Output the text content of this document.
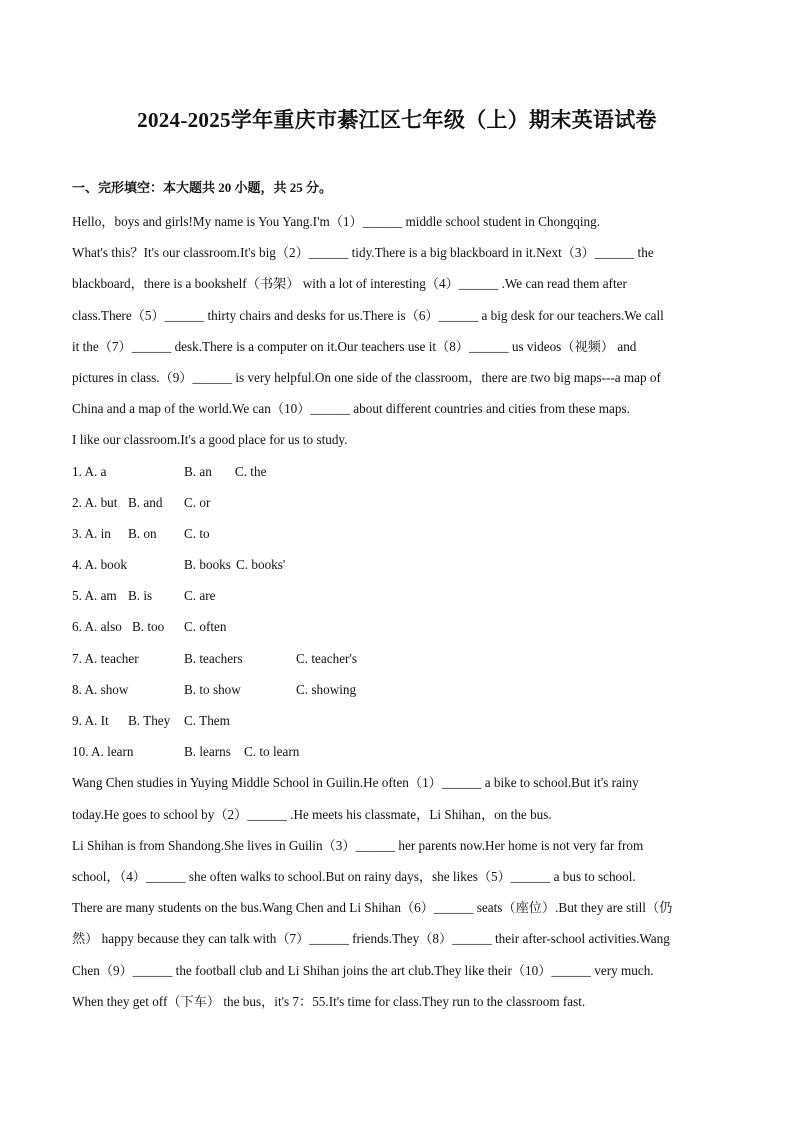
2024-2025学年重庆市綦江区七年级（上）期末英语试卷
一、完形填空：本大题共 20 小题，共 25 分。
Hello，boys and girls!My name is You Yang.I'm（1）______ middle school student in Chongqing.
What's this？It's our classroom.It's big（2）______ tidy.There is a big blackboard in it.Next（3）______ the
blackboard，there is a bookshelf（书架） with a lot of interesting（4）______ .We can read them after
class.There（5）______ thirty chairs and desks for us.There is（6）______ a big desk for our teachers.We call
it the（7）______ desk.There is a computer on it.Our teachers use it（8）______ us videos（视频） and
pictures in class.（9）______ is very helpful.On one side of the classroom，there are two big maps---a map of
China and a map of the world.We can（10）______ about different countries and cities from these maps.
I like our classroom.It's a good place for us to study.
1. A. a	B. an C. the
2. A. but B. and C. or
3. A. in B. on C. to
4. A. book	B. books C. books'
5. A. am B. is C. are
6. A. also B. too C. often
7. A. teacher	B. teachers	C. teacher's
8. A. show	B. to show	C. showing
9. A. It B. They C. Them
10. A. learn	B. learns C. to learn
Wang Chen studies in Yuying Middle School in Guilin.He often（1）______ a bike to school.But it's rainy
today.He goes to school by（2）______ .He meets his classmate，Li Shihan，on the bus.
Li Shihan is from Shandong.She lives in Guilin（3）______ her parents now.Her home is not very far from
school，（4）______ she often walks to school.But on rainy days，she likes（5）______ a bus to school.
There are many students on the bus.Wang Chen and Li Shihan（6）______ seats（座位）.But they are still（仍
然） happy because they can talk with（7）______ friends.They（8）______ their after-school activities.Wang
Chen（9）______ the football club and Li Shihan joins the art club.They like their（10）______ very much.
When they get off（下车） the bus，it's 7：55.It's time for class.They run to the classroom fast.
